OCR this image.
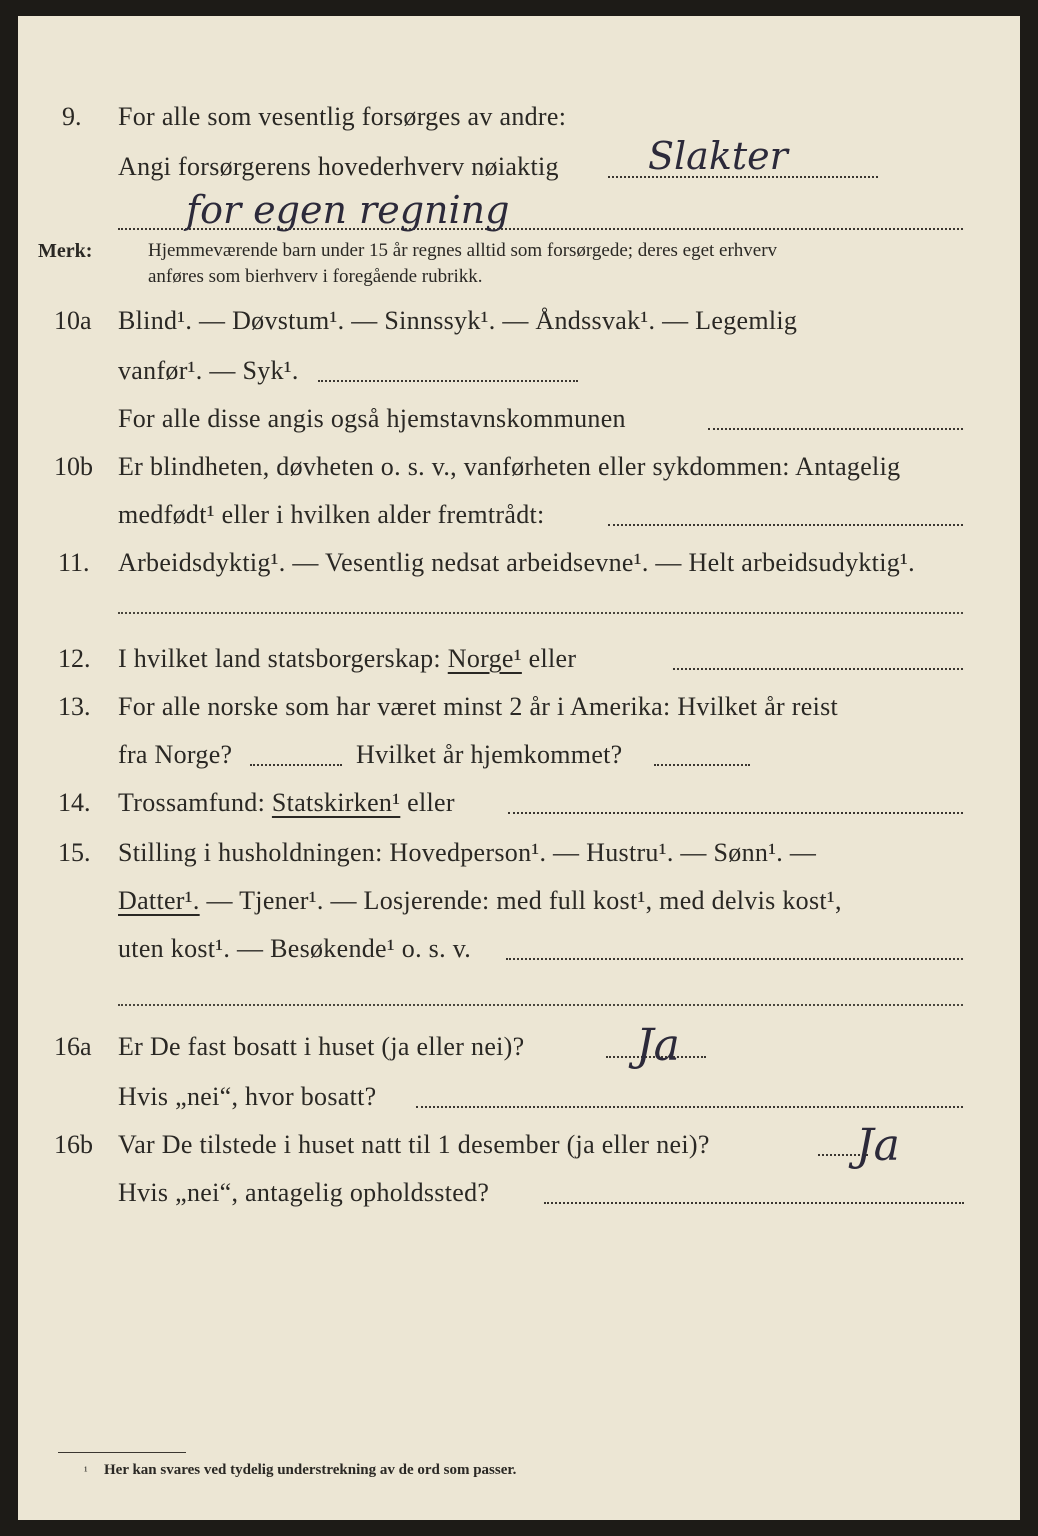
9. For alle som vesentlig forsørges av andre:
Angi forsørgerens hovederhverv nøiaktig Slakter
for egen regning
Merk:	Hjemmeværende barn under 15 år regnes alltid som forsørgede; deres eget erhverv
anføres som bierhverv i foregående rubrikk.
10a Blind¹. — Døvstum¹. — Sinnssyk¹. — Åndssvak¹. — Legemlig
vanfør¹. — Syk¹.
For alle disse angis også hjemstavnskommunen
10b Er blindheten, døvheten o. s. v., vanførheten eller sykdommen: Antagelig
medfødt¹ eller i hvilken alder fremtrådt:
11. Arbeidsdyktig¹. — Vesentlig nedsat arbeidsevne¹. — Helt arbeidsudyktig¹.
12. I hvilket land statsborgerskap: Norge¹ eller
13. For alle norske som har været minst 2 år i Amerika: Hvilket år reist
fra Norge?	Hvilket år hjemkommet?
14. Trossamfund: Statskirken¹ eller
15. Stilling i husholdningen: Hovedperson¹. — Hustru¹. — Sønn¹. —
Datter¹. — Tjener¹. — Losjerende: med full kost¹, med delvis kost¹,
uten kost¹. — Besøkende¹ o. s. v.
16a Er De fast bosatt i huset (ja eller nei)?	Ja
Hvis „nei“, hvor bosatt?
16b Var De tilstede i huset natt til 1 desember (ja eller nei)?	Ja
Hvis „nei“, antagelig opholdssted?
¹ Her kan svares ved tydelig understrekning av de ord som passer.
